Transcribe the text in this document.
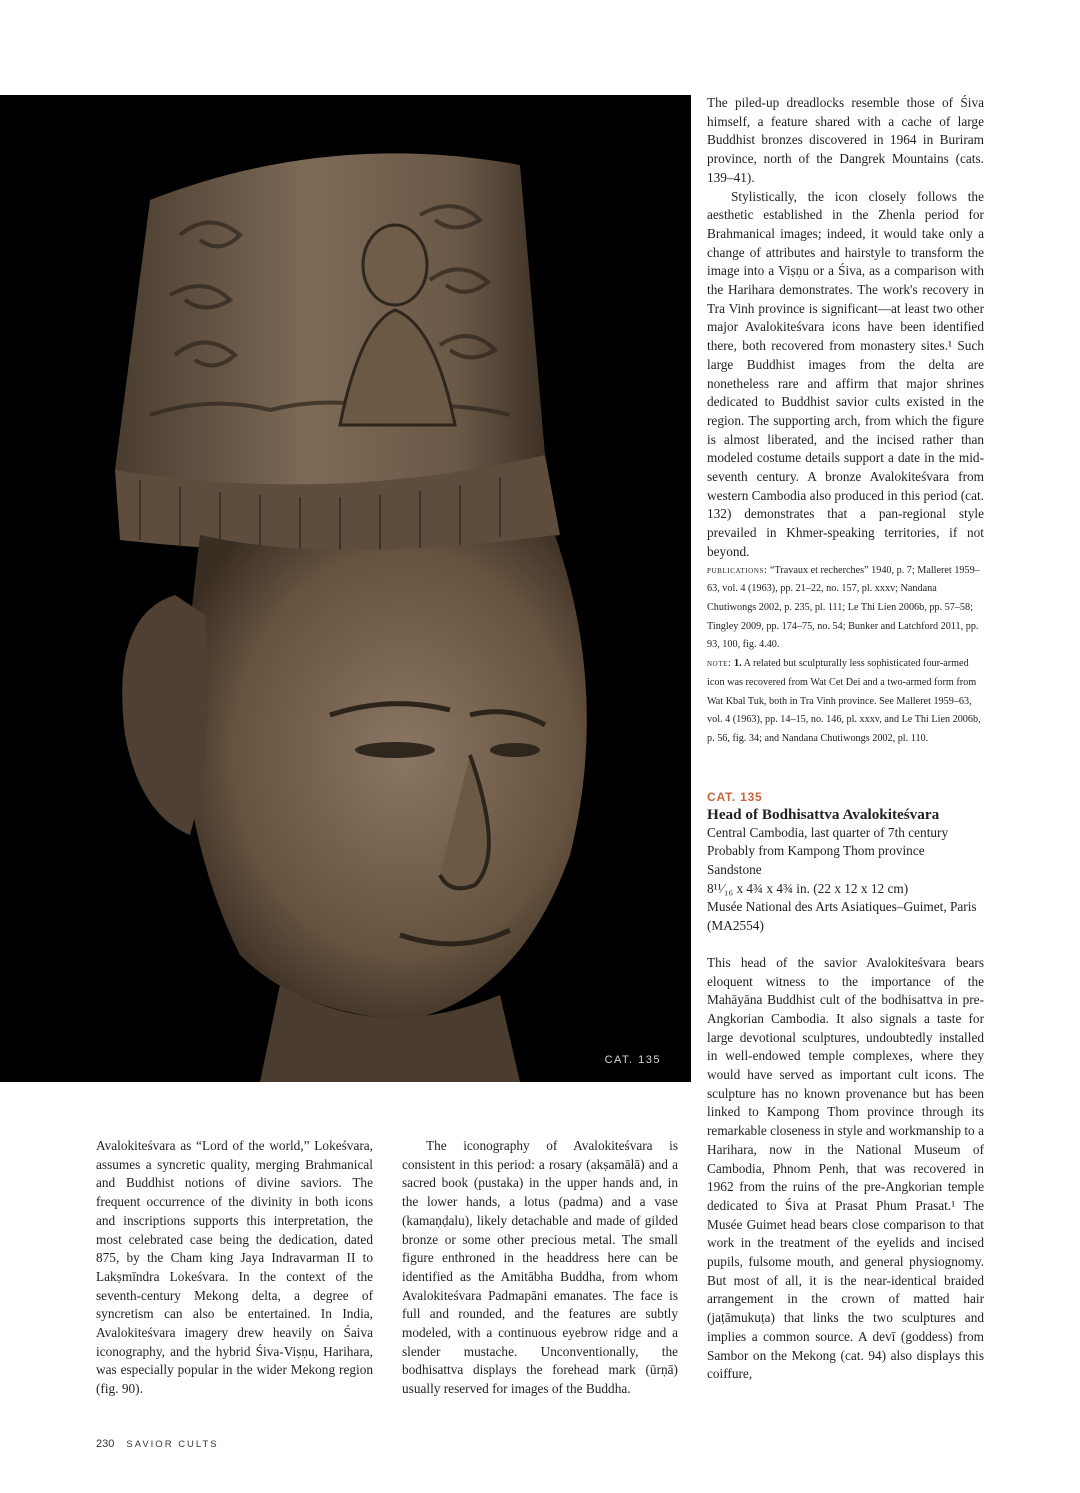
CAT. 135

The piled-up dreadlocks resemble those of Śiva himself, a feature shared with a cache of large Buddhist bronzes discovered in 1964 in Buriram province, north of the Dangrek Mountains (cats. 139–41).

Stylistically, the icon closely follows the aesthetic established in the Zhenla period for Brahmanical images; indeed, it would take only a change of attributes and hairstyle to transform the image into a Viṣṇu or a Śiva, as a comparison with the Harihara demonstrates. The work's recovery in Tra Vinh province is significant—at least two other major Avalokiteśvara icons have been identified there, both recovered from monastery sites.¹ Such large Buddhist images from the delta are nonetheless rare and affirm that major shrines dedicated to Buddhist savior cults existed in the region. The supporting arch, from which the figure is almost liberated, and the incised rather than modeled costume details support a date in the mid-seventh century. A bronze Avalokiteśvara from western Cambodia also produced in this period (cat. 132) demonstrates that a pan-regional style prevailed in Khmer-speaking territories, if not beyond.

publications: “Travaux et recherches” 1940, p. 7; Malleret 1959–63, vol. 4 (1963), pp. 21–22, no. 157, pl. xxxv; Nandana Chutiwongs 2002, p. 235, pl. 111; Le Thi Lien 2006b, pp. 57–58; Tingley 2009, pp. 174–75, no. 54; Bunker and Latchford 2011, pp. 93, 100, fig. 4.40.

note: 1. A related but sculpturally less sophisticated four-armed icon was recovered from Wat Cet Dei and a two-armed form from Wat Kbal Tuk, both in Tra Vinh province. See Malleret 1959–63, vol. 4 (1963), pp. 14–15, no. 146, pl. xxxv, and Le Thi Lien 2006b, p. 56, fig. 34; and Nandana Chutiwongs 2002, pl. 110.

CAT. 135
Head of Bodhisattva Avalokiteśvara
Central Cambodia, last quarter of 7th century
Probably from Kampong Thom province
Sandstone
8¹¹⁄₁₆ x 4¾ x 4¾ in. (22 x 12 x 12 cm)
Musée National des Arts Asiatiques–Guimet, Paris (MA2554)

This head of the savior Avalokiteśvara bears eloquent witness to the importance of the Mahāyāna Buddhist cult of the bodhisattva in pre-Angkorian Cambodia. It also signals a taste for large devotional sculptures, undoubtedly installed in well-endowed temple complexes, where they would have served as important cult icons. The sculpture has no known provenance but has been linked to Kampong Thom province through its remarkable closeness in style and workmanship to a Harihara, now in the National Museum of Cambodia, Phnom Penh, that was recovered in 1962 from the ruins of the pre-Angkorian temple dedicated to Śiva at Prasat Phum Prasat.¹ The Musée Guimet head bears close comparison to that work in the treatment of the eyelids and incised pupils, fulsome mouth, and general physiognomy. But most of all, it is the near-identical braided arrangement in the crown of matted hair (jaṭāmukuṭa) that links the two sculptures and implies a common source. A devī (goddess) from Sambor on the Mekong (cat. 94) also displays this coiffure,

Avalokiteśvara as “Lord of the world,” Lokeśvara, assumes a syncretic quality, merging Brahmanical and Buddhist notions of divine saviors. The frequent occurrence of the divinity in both icons and inscriptions supports this interpretation, the most celebrated case being the dedication, dated 875, by the Cham king Jaya Indravarman II to Lakṣmīndra Lokeśvara. In the context of the seventh-century Mekong delta, a degree of syncretism can also be entertained. In India, Avalokiteśvara imagery drew heavily on Śaiva iconography, and the hybrid Śiva-Viṣṇu, Harihara, was especially popular in the wider Mekong region (fig. 90).

The iconography of Avalokiteśvara is consistent in this period: a rosary (akṣamālā) and a sacred book (pustaka) in the upper hands and, in the lower hands, a lotus (padma) and a vase (kamaṇḍalu), likely detachable and made of gilded bronze or some other precious metal. The small figure enthroned in the headdress here can be identified as the Amitābha Buddha, from whom Avalokiteśvara Padmapāni emanates. The face is full and rounded, and the features are subtly modeled, with a continuous eyebrow ridge and a slender mustache. Unconventionally, the bodhisattva displays the forehead mark (ūrṇā) usually reserved for images of the Buddha.

230 SAVIOR CULTS
